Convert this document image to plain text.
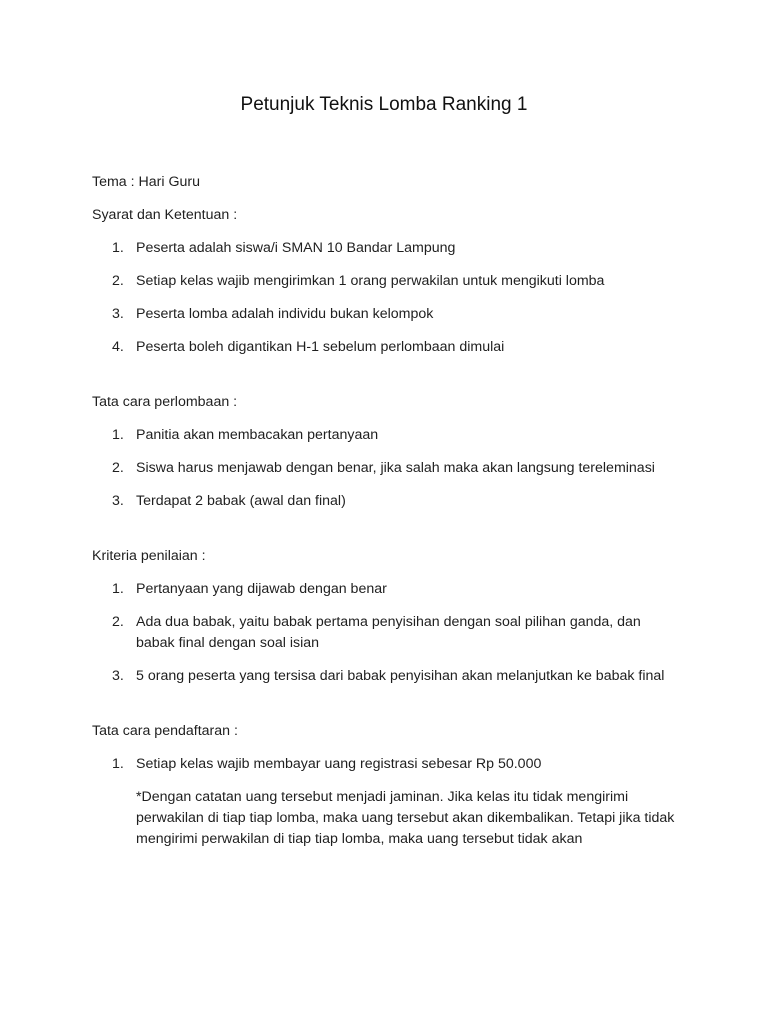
Petunjuk Teknis Lomba Ranking 1

Tema : Hari Guru

Syarat dan Ketentuan :

1. Peserta adalah siswa/i SMAN 10 Bandar Lampung
2. Setiap kelas wajib mengirimkan 1 orang perwakilan untuk mengikuti lomba
3. Peserta lomba adalah individu bukan kelompok
4. Peserta boleh digantikan H-1 sebelum perlombaan dimulai

Tata cara perlombaan :

1. Panitia akan membacakan pertanyaan
2. Siswa harus menjawab dengan benar, jika salah maka akan langsung tereleminasi
3. Terdapat 2 babak (awal dan final)

Kriteria penilaian :

1. Pertanyaan yang dijawab dengan benar
2. Ada dua babak, yaitu babak pertama penyisihan dengan soal pilihan ganda, dan babak final dengan soal isian
3. 5 orang peserta yang tersisa dari babak penyisihan akan melanjutkan ke babak final

Tata cara pendaftaran :

1. Setiap kelas wajib membayar uang registrasi sebesar Rp 50.000

*Dengan catatan uang tersebut menjadi jaminan. Jika kelas itu tidak mengirimi perwakilan di tiap tiap lomba, maka uang tersebut akan dikembalikan. Tetapi jika tidak mengirimi perwakilan di tiap tiap lomba, maka uang tersebut tidak akan
